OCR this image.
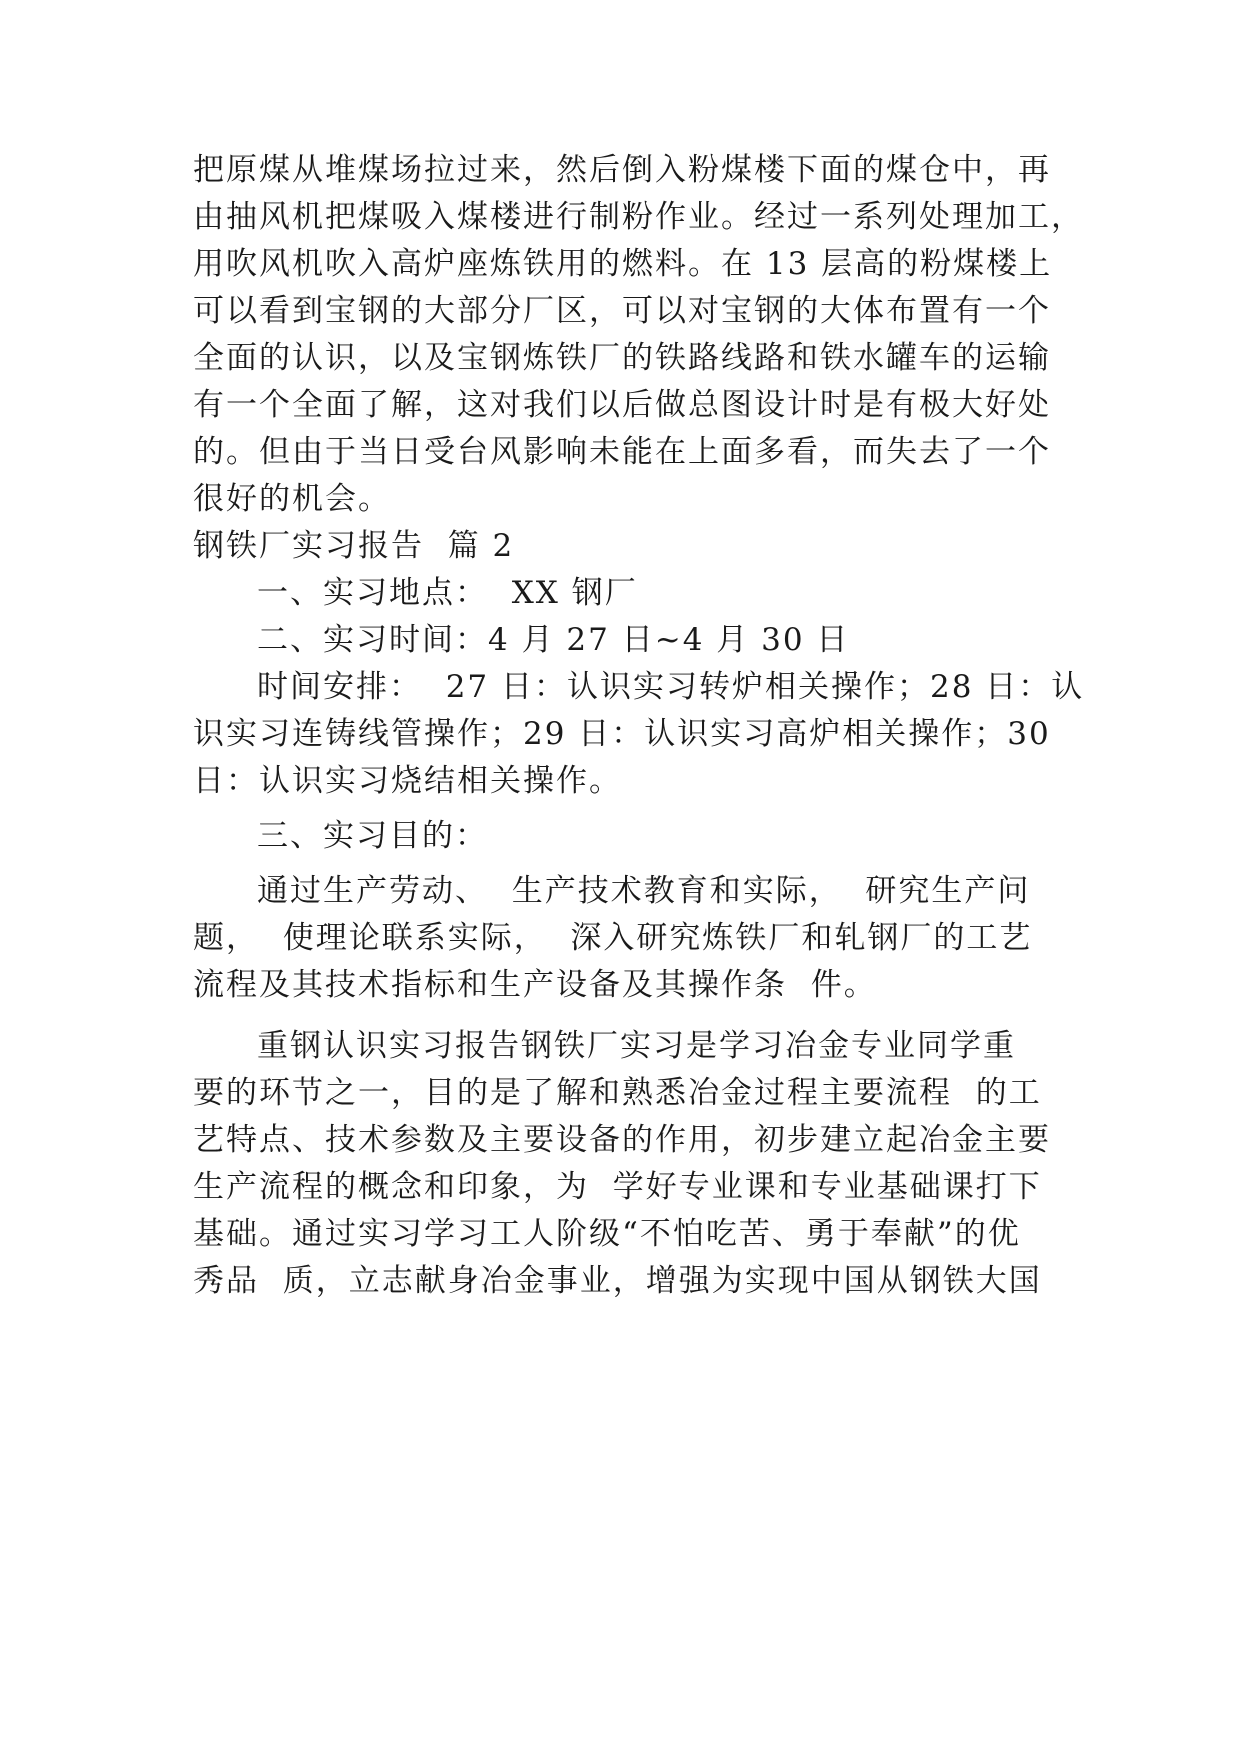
把原煤从堆煤场拉过来，然后倒入粉煤楼下面的煤仓中，再

由抽风机把煤吸入煤楼进行制粉作业。经过一系列处理加工，

用吹风机吹入高炉座炼铁用的燃料。在 13 层高的粉煤楼上

可以看到宝钢的大部分厂区，可以对宝钢的大体布置有一个

全面的认识，以及宝钢炼铁厂的铁路线路和铁水罐车的运输

有一个全面了解，这对我们以后做总图设计时是有极大好处

的。但由于当日受台风影响未能在上面多看，而失去了一个

很好的机会。

钢铁厂实习报告  篇 2

一、实习地点：  XX 钢厂

二、实习时间：4 月 27 日~4 月 30 日

时间安排：  27 日：认识实习转炉相关操作；28 日：认

识实习连铸线管操作；29 日：认识实习高炉相关操作；30

日：认识实习烧结相关操作。

三、实习目的：

通过生产劳动、  生产技术教育和实际，  研究生产问

题，  使理论联系实际，  深入研究炼铁厂和轧钢厂的工艺

流程及其技术指标和生产设备及其操作条  件。

重钢认识实习报告钢铁厂实习是学习冶金专业同学重

要的环节之一，目的是了解和熟悉冶金过程主要流程  的工

艺特点、技术参数及主要设备的作用，初步建立起冶金主要

生产流程的概念和印象，为  学好专业课和专业基础课打下

基础。通过实习学习工人阶级“不怕吃苦、勇于奉献”的优

秀品  质，立志献身冶金事业，增强为实现中国从钢铁大国
